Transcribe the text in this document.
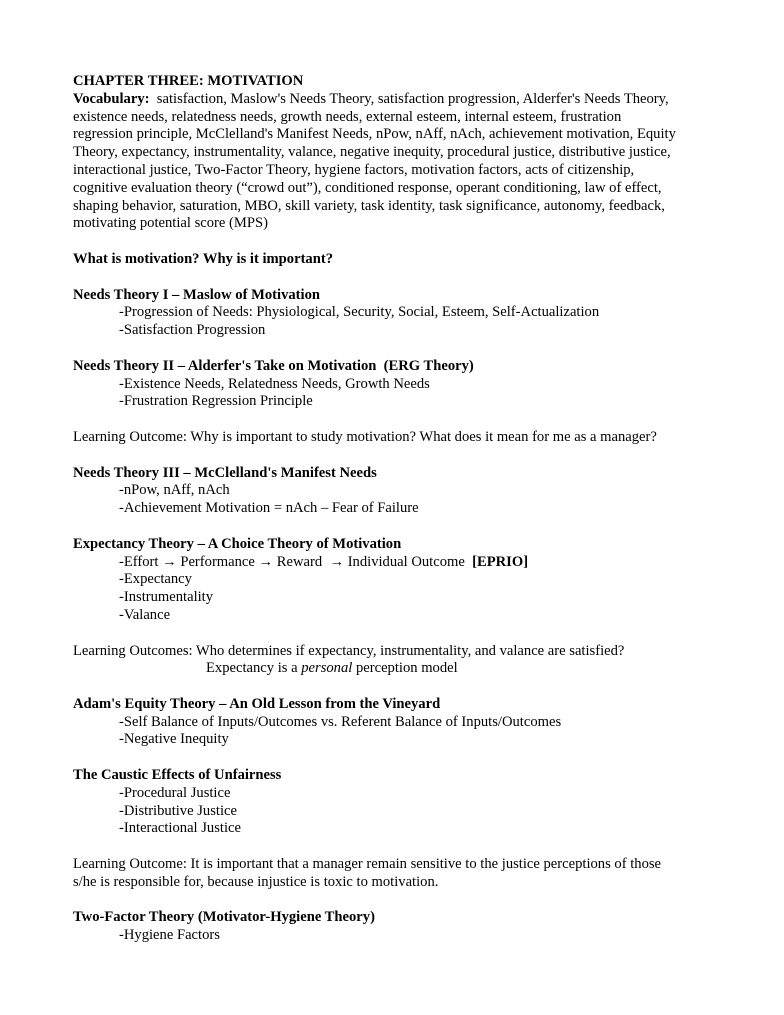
CHAPTER THREE: MOTIVATION

Vocabulary:  satisfaction, Maslow's Needs Theory, satisfaction progression, Alderfer's Needs Theory,

existence needs, relatedness needs, growth needs, external esteem, internal esteem, frustration

regression principle, McClelland's Manifest Needs, nPow, nAff, nAch, achievement motivation, Equity

Theory, expectancy, instrumentality, valance, negative inequity, procedural justice, distributive justice,

interactional justice, Two-Factor Theory, hygiene factors, motivation factors, acts of citizenship,

cognitive evaluation theory (“crowd out”), conditioned response, operant conditioning, law of effect,

shaping behavior, saturation, MBO, skill variety, task identity, task significance, autonomy, feedback,

motivating potential score (MPS)

What is motivation? Why is it important?

Needs Theory I – Maslow of Motivation

-Progression of Needs: Physiological, Security, Social, Esteem, Self-Actualization

-Satisfaction Progression

Needs Theory II – Alderfer's Take on Motivation  (ERG Theory)

-Existence Needs, Relatedness Needs, Growth Needs

-Frustration Regression Principle

Learning Outcome: Why is important to study motivation? What does it mean for me as a manager?

Needs Theory III – McClelland's Manifest Needs

-nPow, nAff, nAch

-Achievement Motivation = nAch – Fear of Failure

Expectancy Theory – A Choice Theory of Motivation

-Effort → Performance → Reward  → Individual Outcome  [EPRIO]

-Expectancy

-Instrumentality

-Valance

Learning Outcomes: Who determines if expectancy, instrumentality, and valance are satisfied?

Expectancy is a personal perception model

Adam's Equity Theory – An Old Lesson from the Vineyard

-Self Balance of Inputs/Outcomes vs. Referent Balance of Inputs/Outcomes

-Negative Inequity

The Caustic Effects of Unfairness

-Procedural Justice

-Distributive Justice

-Interactional Justice

Learning Outcome: It is important that a manager remain sensitive to the justice perceptions of those

s/he is responsible for, because injustice is toxic to motivation.

Two-Factor Theory (Motivator-Hygiene Theory)

-Hygiene Factors
